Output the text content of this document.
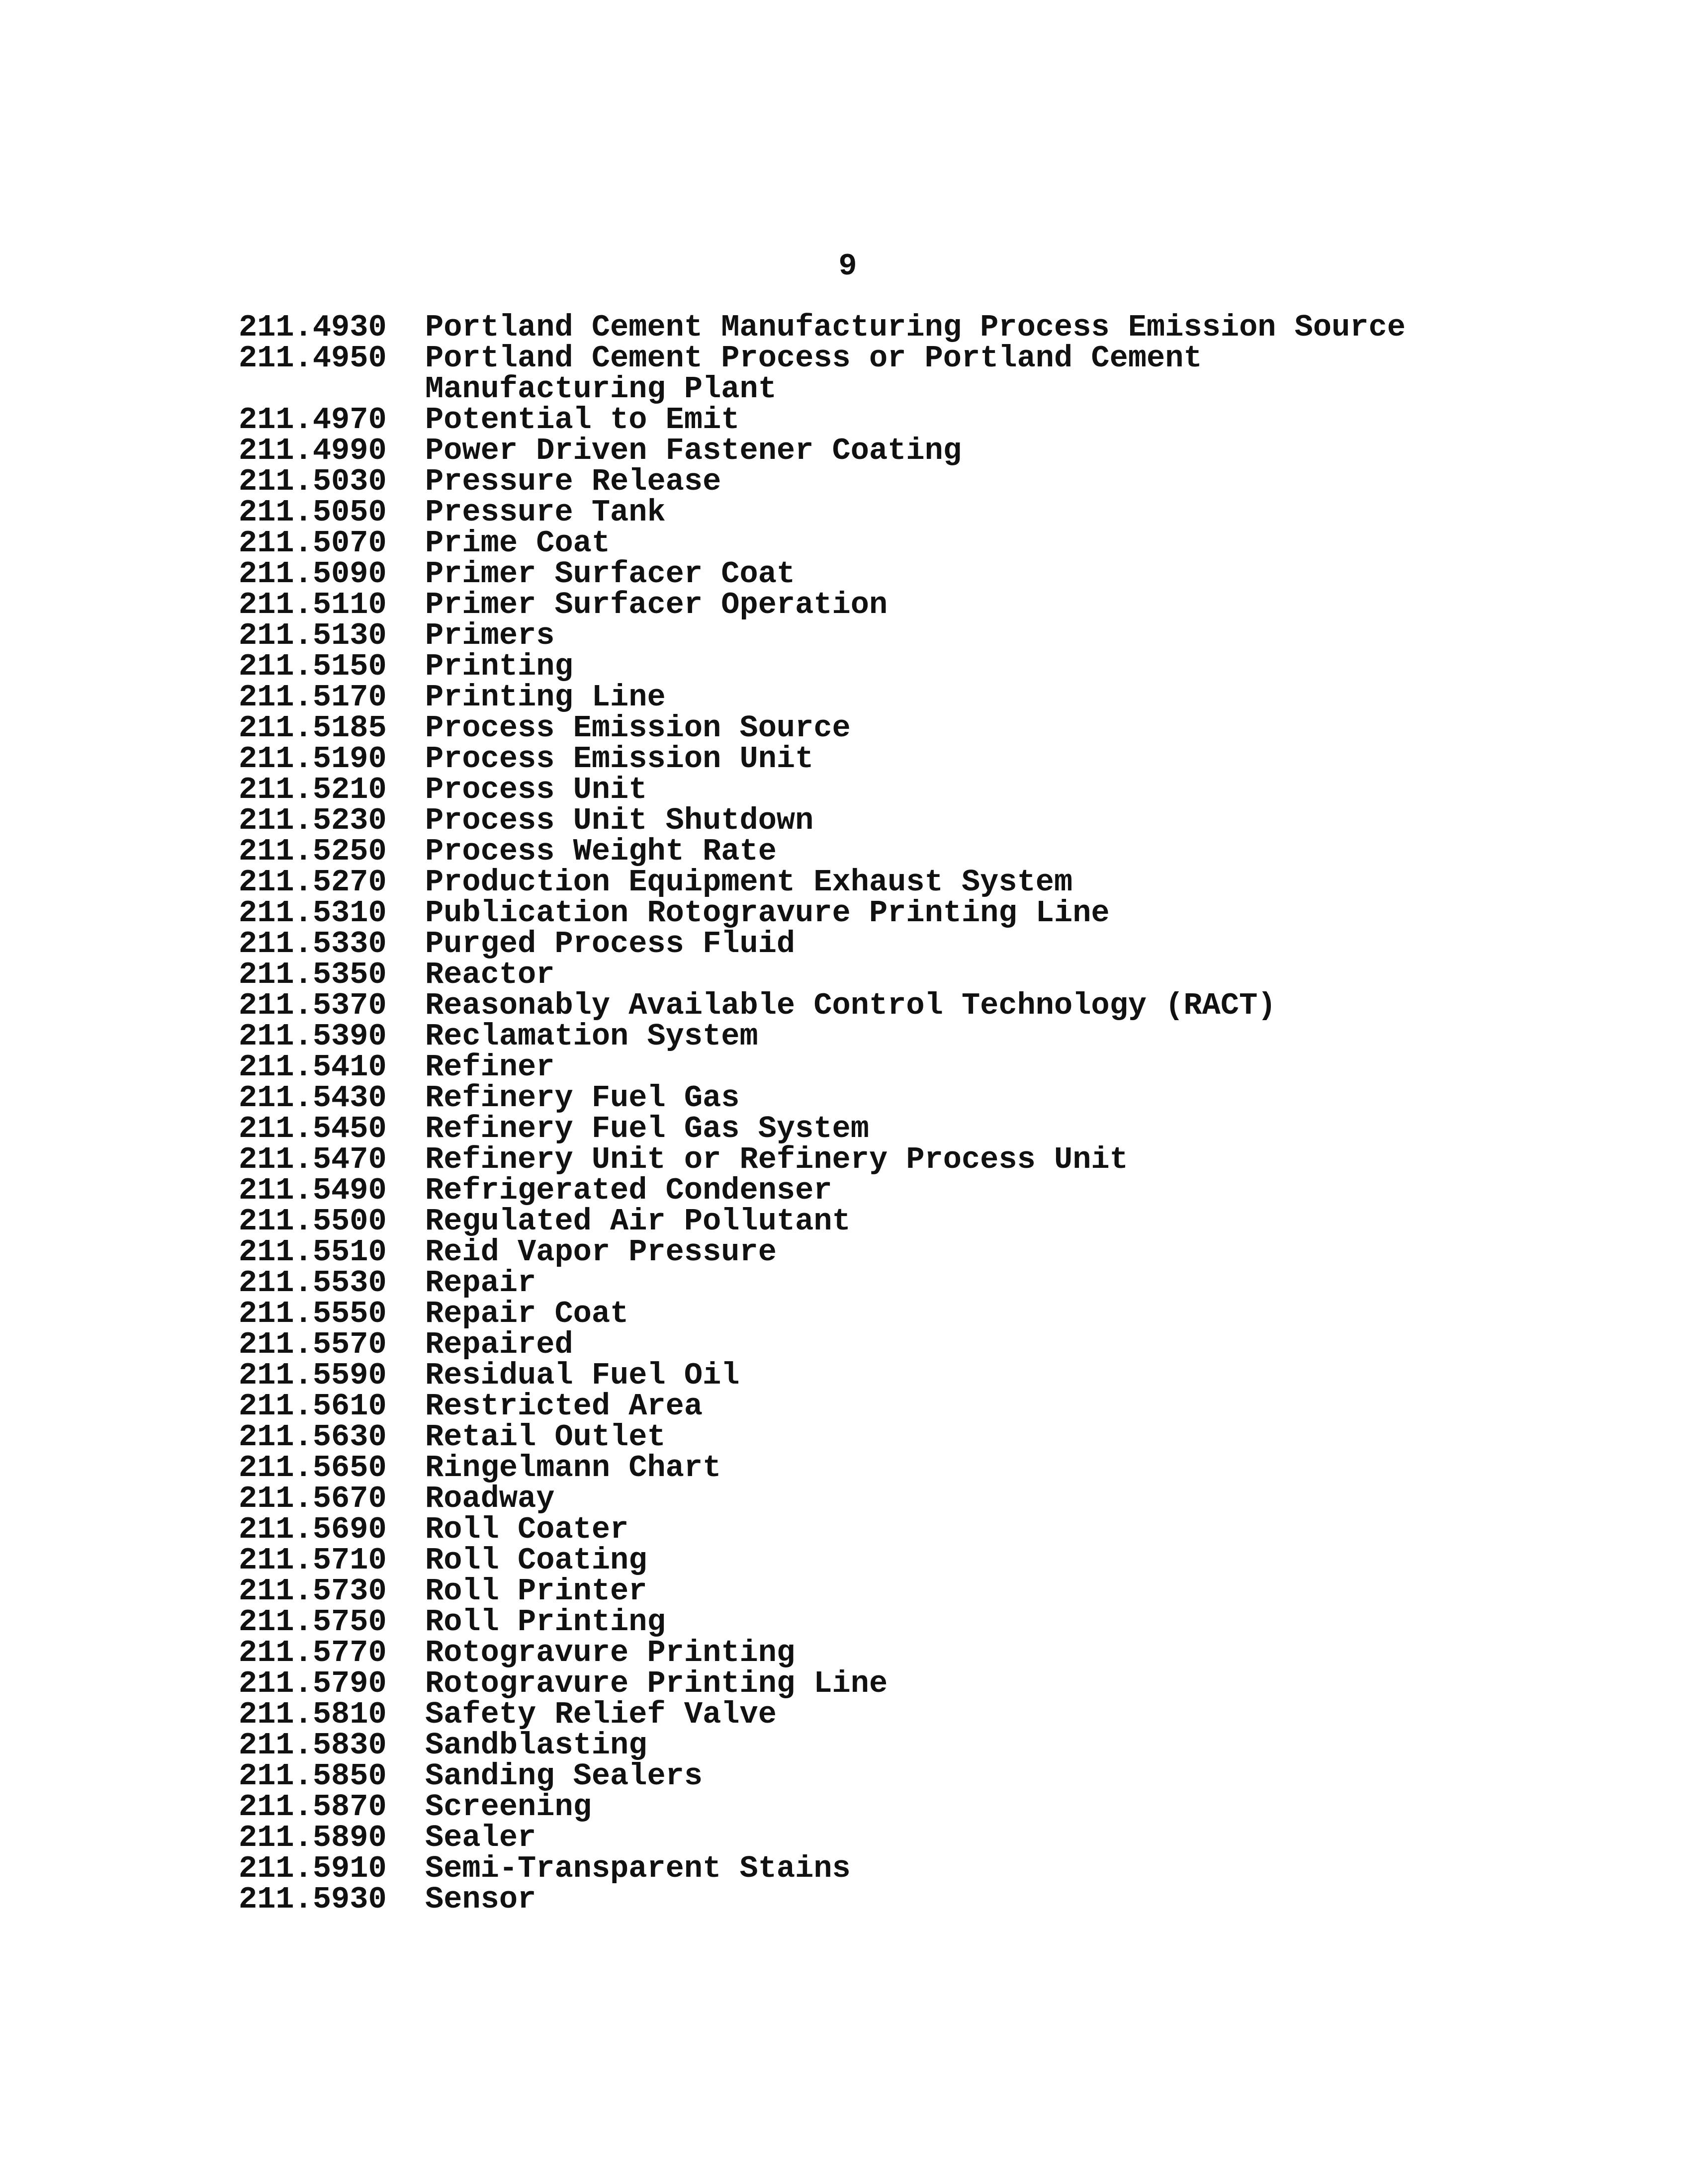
9
211.4930	Portland Cement Manufacturing Process Emission Source
211.4950	Portland Cement Process or Portland Cement
Manufacturing Plant
211.4970	Potential to Emit
211.4990	Power Driven Fastener Coating
211.5030	Pressure Release
211.5050	Pressure Tank
211.5070	Prime Coat
211.5090	Primer Surfacer Coat
211.5110	Primer Surfacer Operation
211.5130	Primers
211.5150	Printing
211.5170	Printing Line
211.5185	Process Emission Source
211.5190	Process Emission Unit
211.5210	Process Unit
211.5230	Process Unit Shutdown
211.5250	Process Weight Rate
211.5270	Production Equipment Exhaust System
211.5310	Publication Rotogravure Printing Line
211.5330	Purged Process Fluid
211.5350	Reactor
211.5370	Reasonably Available Control Technology (RACT)
211.5390	Reclamation System
211.5410	Refiner
211.5430	Refinery Fuel Gas
211.5450	Refinery Fuel Gas System
211.5470	Refinery Unit or Refinery Process Unit
211.5490	Refrigerated Condenser
211.5500	Regulated Air Pollutant
211.5510	Reid Vapor Pressure
211.5530	Repair
211.5550	Repair Coat
211.5570	Repaired
211.5590	Residual Fuel Oil
211.5610	Restricted Area
211.5630	Retail Outlet
211.5650	Ringelmann Chart
211.5670	Roadway
211.5690	Roll Coater
211.5710	Roll Coating
211.5730	Roll Printer
211.5750	Roll Printing
211.5770	Rotogravure Printing
211.5790	Rotogravure Printing Line
211.5810	Safety Relief Valve
211.5830	Sandblasting
211.5850	Sanding Sealers
211.5870	Screening
211.5890	Sealer
211.5910	Semi-Transparent Stains
211.5930	Sensor
